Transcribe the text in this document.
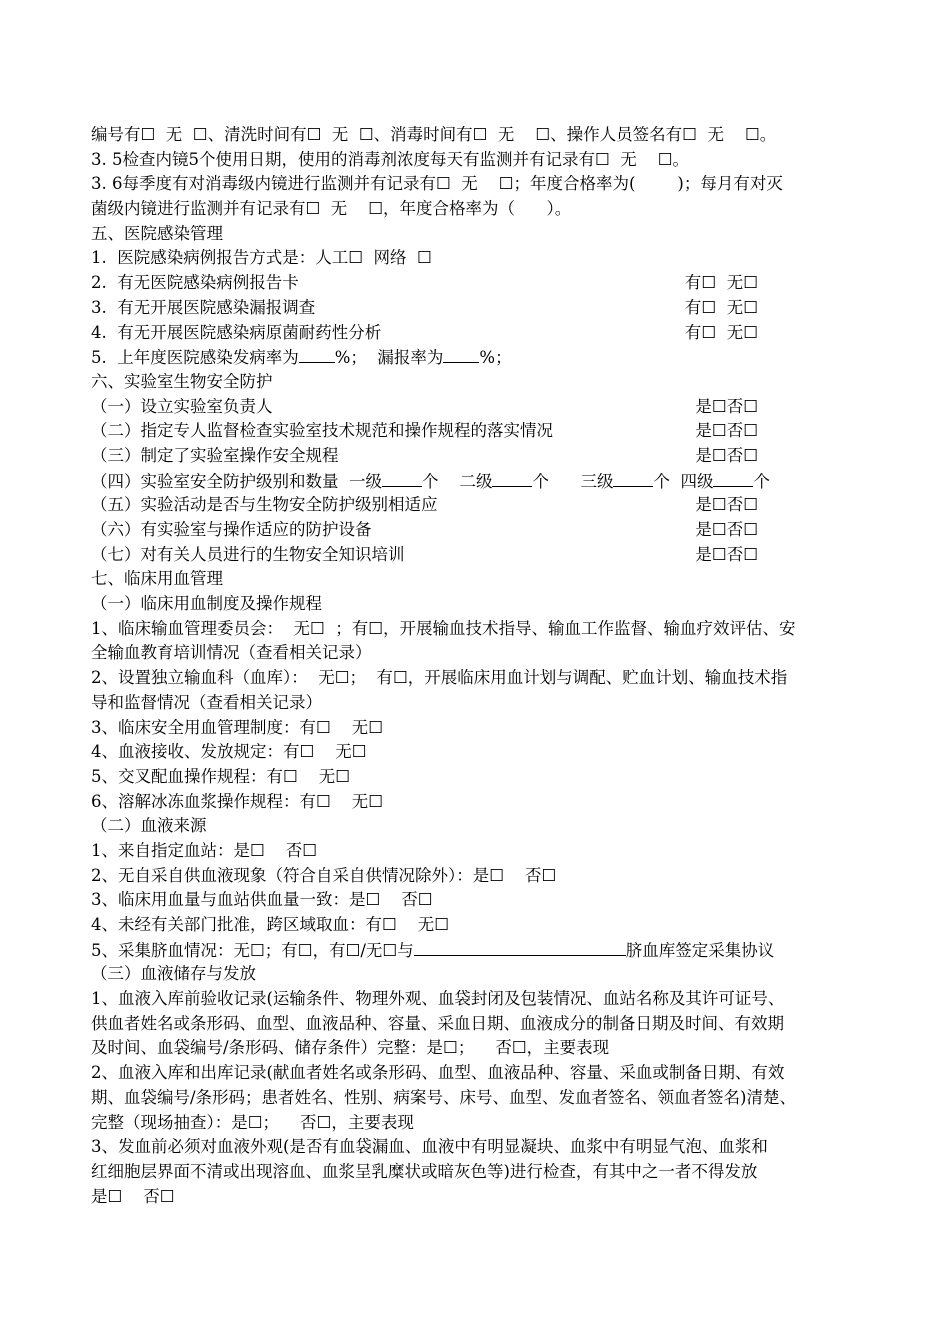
编号有☐  无  ☐、清洗时间有☐  无  ☐、消毒时间有☐  无    ☐、操作人员签名有☐  无    ☐。
3. 5检查内镜5个使用日期，使用的消毒剂浓度每天有监测并有记录有☐  无    ☐。
3. 6每季度有对消毒级内镜进行监测并有记录有☐  无    ☐；年度合格率为(        )；每月有对灭
菌级内镜进行监测并有记录有☐  无    ☐，年度合格率为（      ）。
五、医院感染管理
1.  医院感染病例报告方式是：人工☐  网络  ☐
2.  有无医院感染病例报告卡	有☐  无☐
3.  有无开展医院感染漏报调查	有☐  无☐
4.  有无开展医院感染病原菌耐药性分析	有☐  无☐
5.  上年度医院感染发病率为 %；  漏报率为 %；
六、实验室生物安全防护
（一）设立实验室负责人	是☐否☐
（二）指定专人监督检查实验室技术规范和操作规程的落实情况	是☐否☐
（三）制定了实验室操作安全规程	是☐否☐
（四）实验室安全防护级别和数量  一级 个    二级 个      三级 个  四级 个
（五）实验活动是否与生物安全防护级别相适应	是☐否☐
（六）有实验室与操作适应的防护设备	是☐否☐
（七）对有关人员进行的生物安全知识培训	是☐否☐
七、临床用血管理
（一）临床用血制度及操作规程
1、临床输血管理委员会：  无☐  ；有☐，开展输血技术指导、输血工作监督、输血疗效评估、安
全输血教育培训情况（查看相关记录）
2、设置独立输血科（血库）：  无☐；  有☐，开展临床用血计划与调配、贮血计划、输血技术指
导和监督情况（查看相关记录）
3、临床安全用血管理制度：有☐    无☐
4、血液接收、发放规定：有☐    无☐
5、交叉配血操作规程：有☐    无☐
6、溶解冰冻血浆操作规程：有☐    无☐
（二）血液来源
1、来自指定血站：是☐    否☐
2、无自采自供血液现象（符合自采自供情况除外）：是☐    否☐
3、临床用血量与血站供血量一致：是☐    否☐
4、未经有关部门批准，跨区域取血：有☐    无☐
5、采集脐血情况：无☐；有☐，有☐/无☐与	脐血库签定采集协议
（三）血液储存与发放
1、血液入库前验收记录(运输条件、物理外观、血袋封闭及包装情况、血站名称及其许可证号、
供血者姓名或条形码、血型、血液品种、容量、采血日期、血液成分的制备日期及时间、有效期
及时间、血袋编号/条形码、储存条件）完整：是☐；    否☐，主要表现
2、血液入库和出库记录(献血者姓名或条形码、血型、血液品种、容量、采血或制备日期、有效
期、血袋编号/条形码；患者姓名、性别、病案号、床号、血型、发血者签名、领血者签名)清楚、
完整（现场抽查）：是☐；    否☐，主要表现
3、发血前必须对血液外观(是否有血袋漏血、血液中有明显凝块、血浆中有明显气泡、血浆和
红细胞层界面不清或出现溶血、血浆呈乳糜状或暗灰色等)进行检查，有其中之一者不得发放
是☐    否☐
